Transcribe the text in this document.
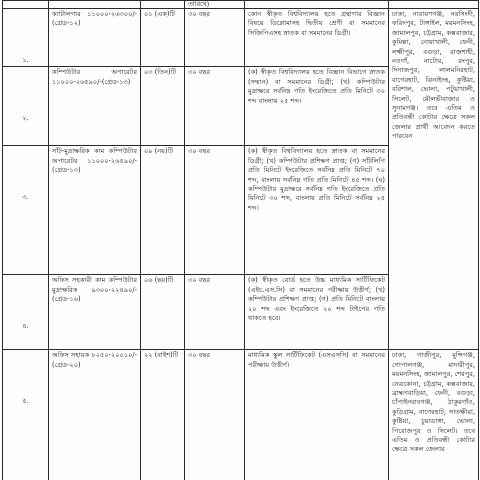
			তারিখে)		
১.	ক্যাটালগার ১১০০০-২৬৩০০/- (গ্রেড-১২)	০১ (এক)টি	৩০ বছর	কোন স্বীকৃত বিশ্ববিদ্যালয় হতে গ্রন্থাগার বিজ্ঞান বিষয়ে ডিপ্লোমাসহ দ্বিতীয় শ্রেণী বা সমমানের সিজিপিএসহ স্নাতক বা সমমানের ডিগ্রী।	ঢাকা, নারায়ণগঞ্জ, নরসিংদী, ফরিদপুর, টাঙ্গাইল, ময়মনসিংহ, জামালপুর, চট্টগ্রাম, কক্সবাজার, কুমিল্লা, নোয়াখালী, ফেনী, লক্ষ্মীপুর, বগুড়া, রাজশাহী, নওগাঁ, নাটোর, রংপুর, দিনাজপুর, লালমনিরহাট, বাগেরহাট, ঝিনাইদহ, কুষ্টিয়া, বরিশাল, ভোলা, পটুয়াখালী, সিলেট, মৌলভীবাজার ও সুনামগঞ্জ। তবে এতিম ও প্রতিবন্ধী কোটার ক্ষেত্রে সকল জেলার প্রার্থী আবেদন করতে পারবেন
২.	কম্পিউটার অপারেটর ১১০০০-২৬৫৯০/-(গ্রেড-১৩)	০৩ (তিন)টি	৩০ বছর	(ক) স্বীকৃত বিশ্ববিদ্যালয় হতে বিজ্ঞান বিভাগে স্নাতক (সম্মান) বা সমমানের ডিগ্রী; (খ) কম্পিউটার মুদ্রাক্ষরে সর্বনিম্ন গতি ইংরেজিতে প্রতি মিনিটে ৩০ শব্দ বাংলায় ২৫ শব্দ।	
৩.	সাঁট-মুদ্রাক্ষরিক কাম কম্পিউটার অপারেটর ১১০০০-২৬৫৯০/-(গ্রেড-১৩)	০৯ (নয়)টি	৩০ বছর	(ক) স্বীকৃত বিশ্ববিদ্যালয় হতে স্নাতক বা সমমানের ডিগ্রী; (খ) কম্পিউটার প্রশিক্ষণ প্রাপ্ত; (গ) সাঁটলিপি প্রতি মিনিটে ইংরেজিতে সর্বনিম্ন প্রতি মিনিটে ৭০ শব্দ, বাংলায় সর্বনিম্ন গতি প্রতি মিনিটে ৪৫ শব্দ। (ঘ) কম্পিউটার মুদ্রাক্ষরে সর্বনিম্ন গতি ইংরেজিতে প্রতি মিনিটে ৩০ শব্দ, বাংলায় প্রতি মিনিটে সর্বনিম্ন ২৫ শব্দ।	
৪.	অফিস সহকারী কাম কম্পিউটার মুদ্রাক্ষরিক ৯৩০০-২২৪৯০/-(গ্রেড-১৬)	০৬ (ছয়)টি	৩০ বছর	(ক) স্বীকৃত বোর্ড হতে উচ্চ মাধ্যমিক সার্টিফিকেট (এইচ.এস.সি) বা সমমানের পরীক্ষায় উত্তীর্ণ; (খ) কম্পিউটার প্রশিক্ষণ প্রাপ্ত; (গ) প্রতি মিনিটে বাংলায় ২০ শব্দ এবং ইংরেজিতে ২০ শব্দ টাইপের গতি থাকতে হবে।	
৫.	অফিস সহায়ক ৮২৫০-২০০১০/- (গ্রেড-২০)	২২ (বাইশ)টি	৩০ বছর	মাধ্যমিক স্কুল সার্টিফিকেট (এসএসসি) বা সমমানের পরীক্ষায় উত্তীর্ণ।	ঢাকা, গাজীপুর, মুন্সিগঞ্জ, গোপালগঞ্জ, মাদারীপুর, ময়মনসিংহ, জামালপুর, শেরপুর, নেত্রকোনা, চট্টগ্রাম, কক্সবাজার, ব্রাহ্মণবাড়িয়া, ফেনী, বগুড়া, চাঁপাইনবাবগঞ্জ, ঠাকুরগাঁও, কুড়িগ্রাম, বাগেরহাট, সাতক্ষীরা, কুষ্টিয়া, চুয়াডাঙ্গা, ভোলা, পিরোজপুর ও সিলেট। তবে এতিম ও প্রতিবন্ধী কোটার ক্ষেত্রে সকল জেলার
